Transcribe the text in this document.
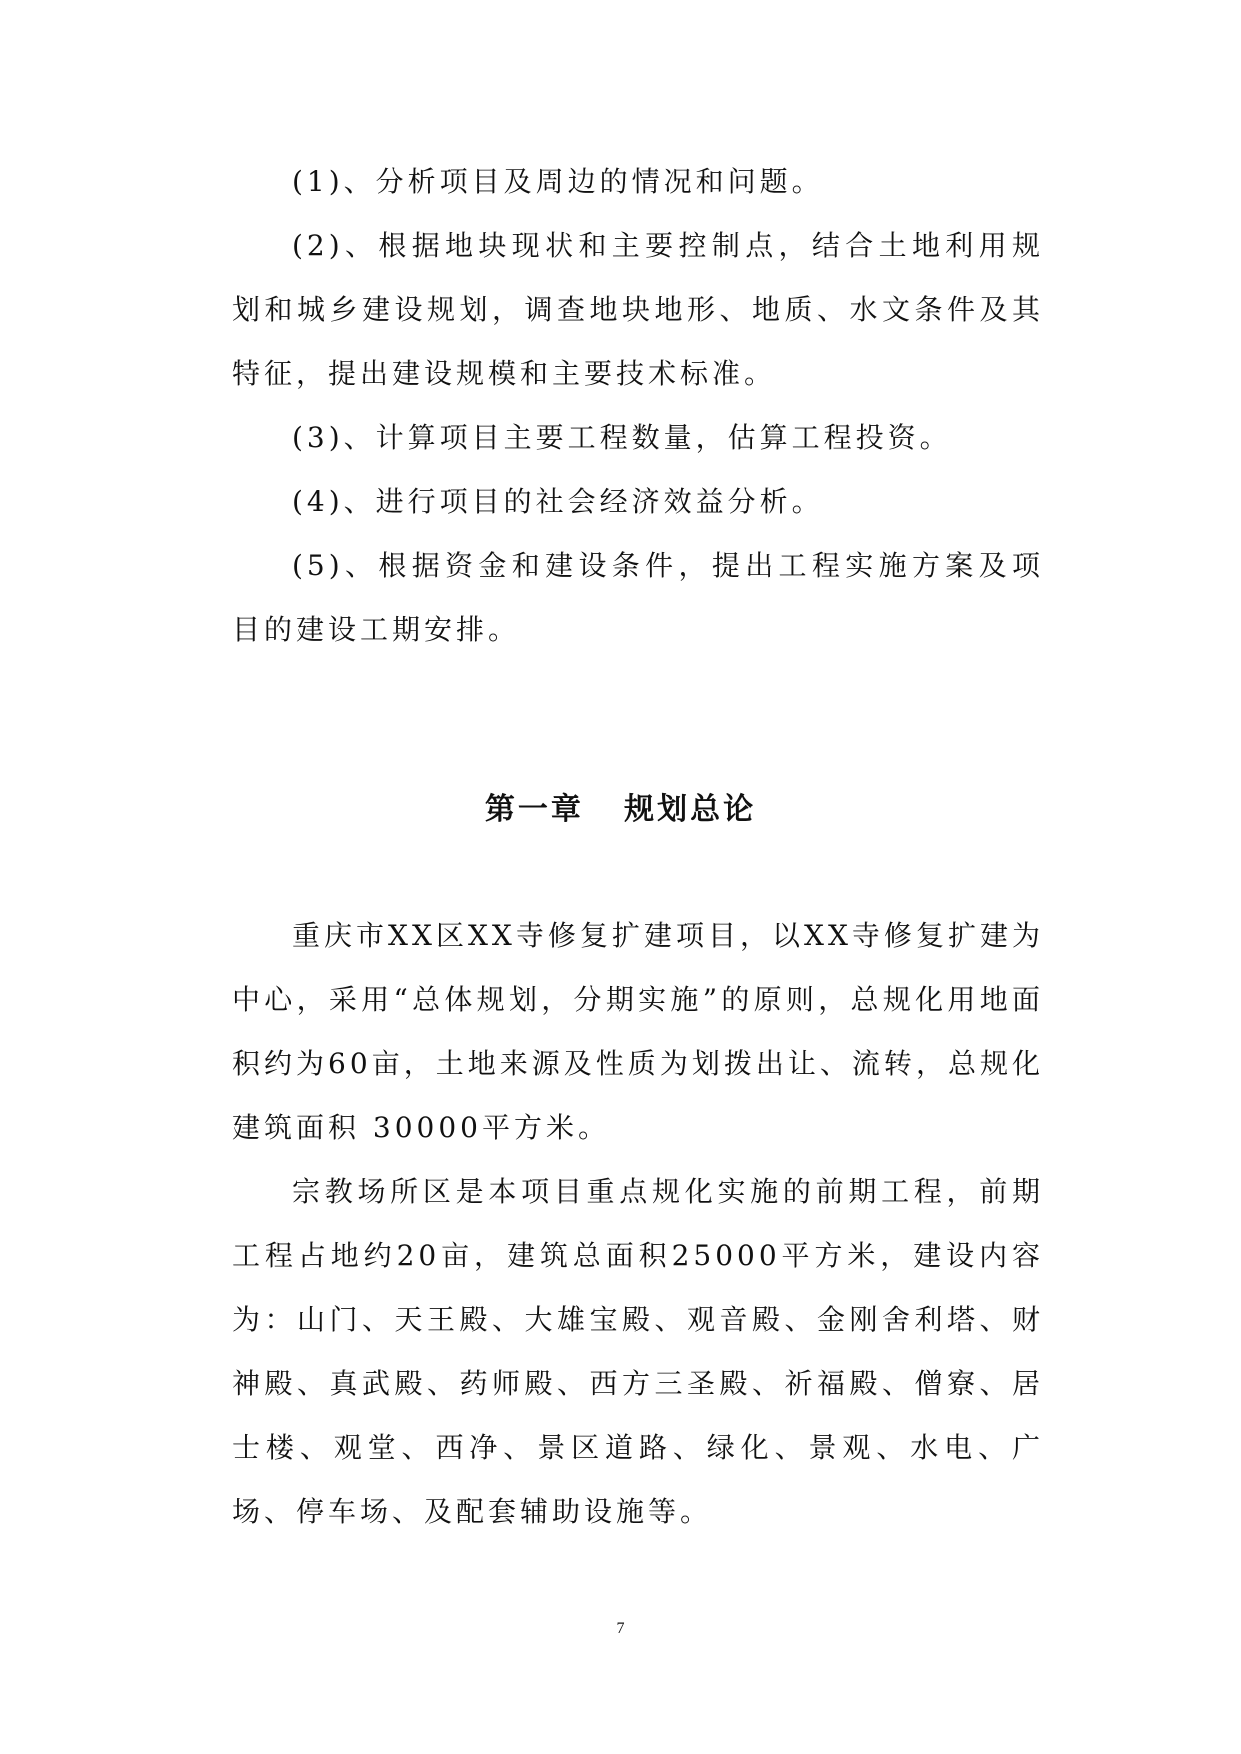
(1)、分析项目及周边的情况和问题。

(2)、根据地块现状和主要控制点，结合土地利用规划和城乡建设规划，调查地块地形、地质、水文条件及其特征，提出建设规模和主要技术标准。

(3)、计算项目主要工程数量，估算工程投资。

(4)、进行项目的社会经济效益分析。

(5)、根据资金和建设条件，提出工程实施方案及项目的建设工期安排。

第一章   规划总论

重庆市XX区XX寺修复扩建项目，以XX寺修复扩建为中心，采用“总体规划，分期实施”的原则，总规化用地面积约为60亩，土地来源及性质为划拨出让、流转，总规化建筑面积 30000平方米。

宗教场所区是本项目重点规化实施的前期工程，前期工程占地约20亩，建筑总面积25000平方米，建设内容为：山门、天王殿、大雄宝殿、观音殿、金刚舍利塔、财神殿、真武殿、药师殿、西方三圣殿、祈福殿、僧寮、居士楼、观堂、西净、景区道路、绿化、景观、水电、广场、停车场、及配套辅助设施等。

7
